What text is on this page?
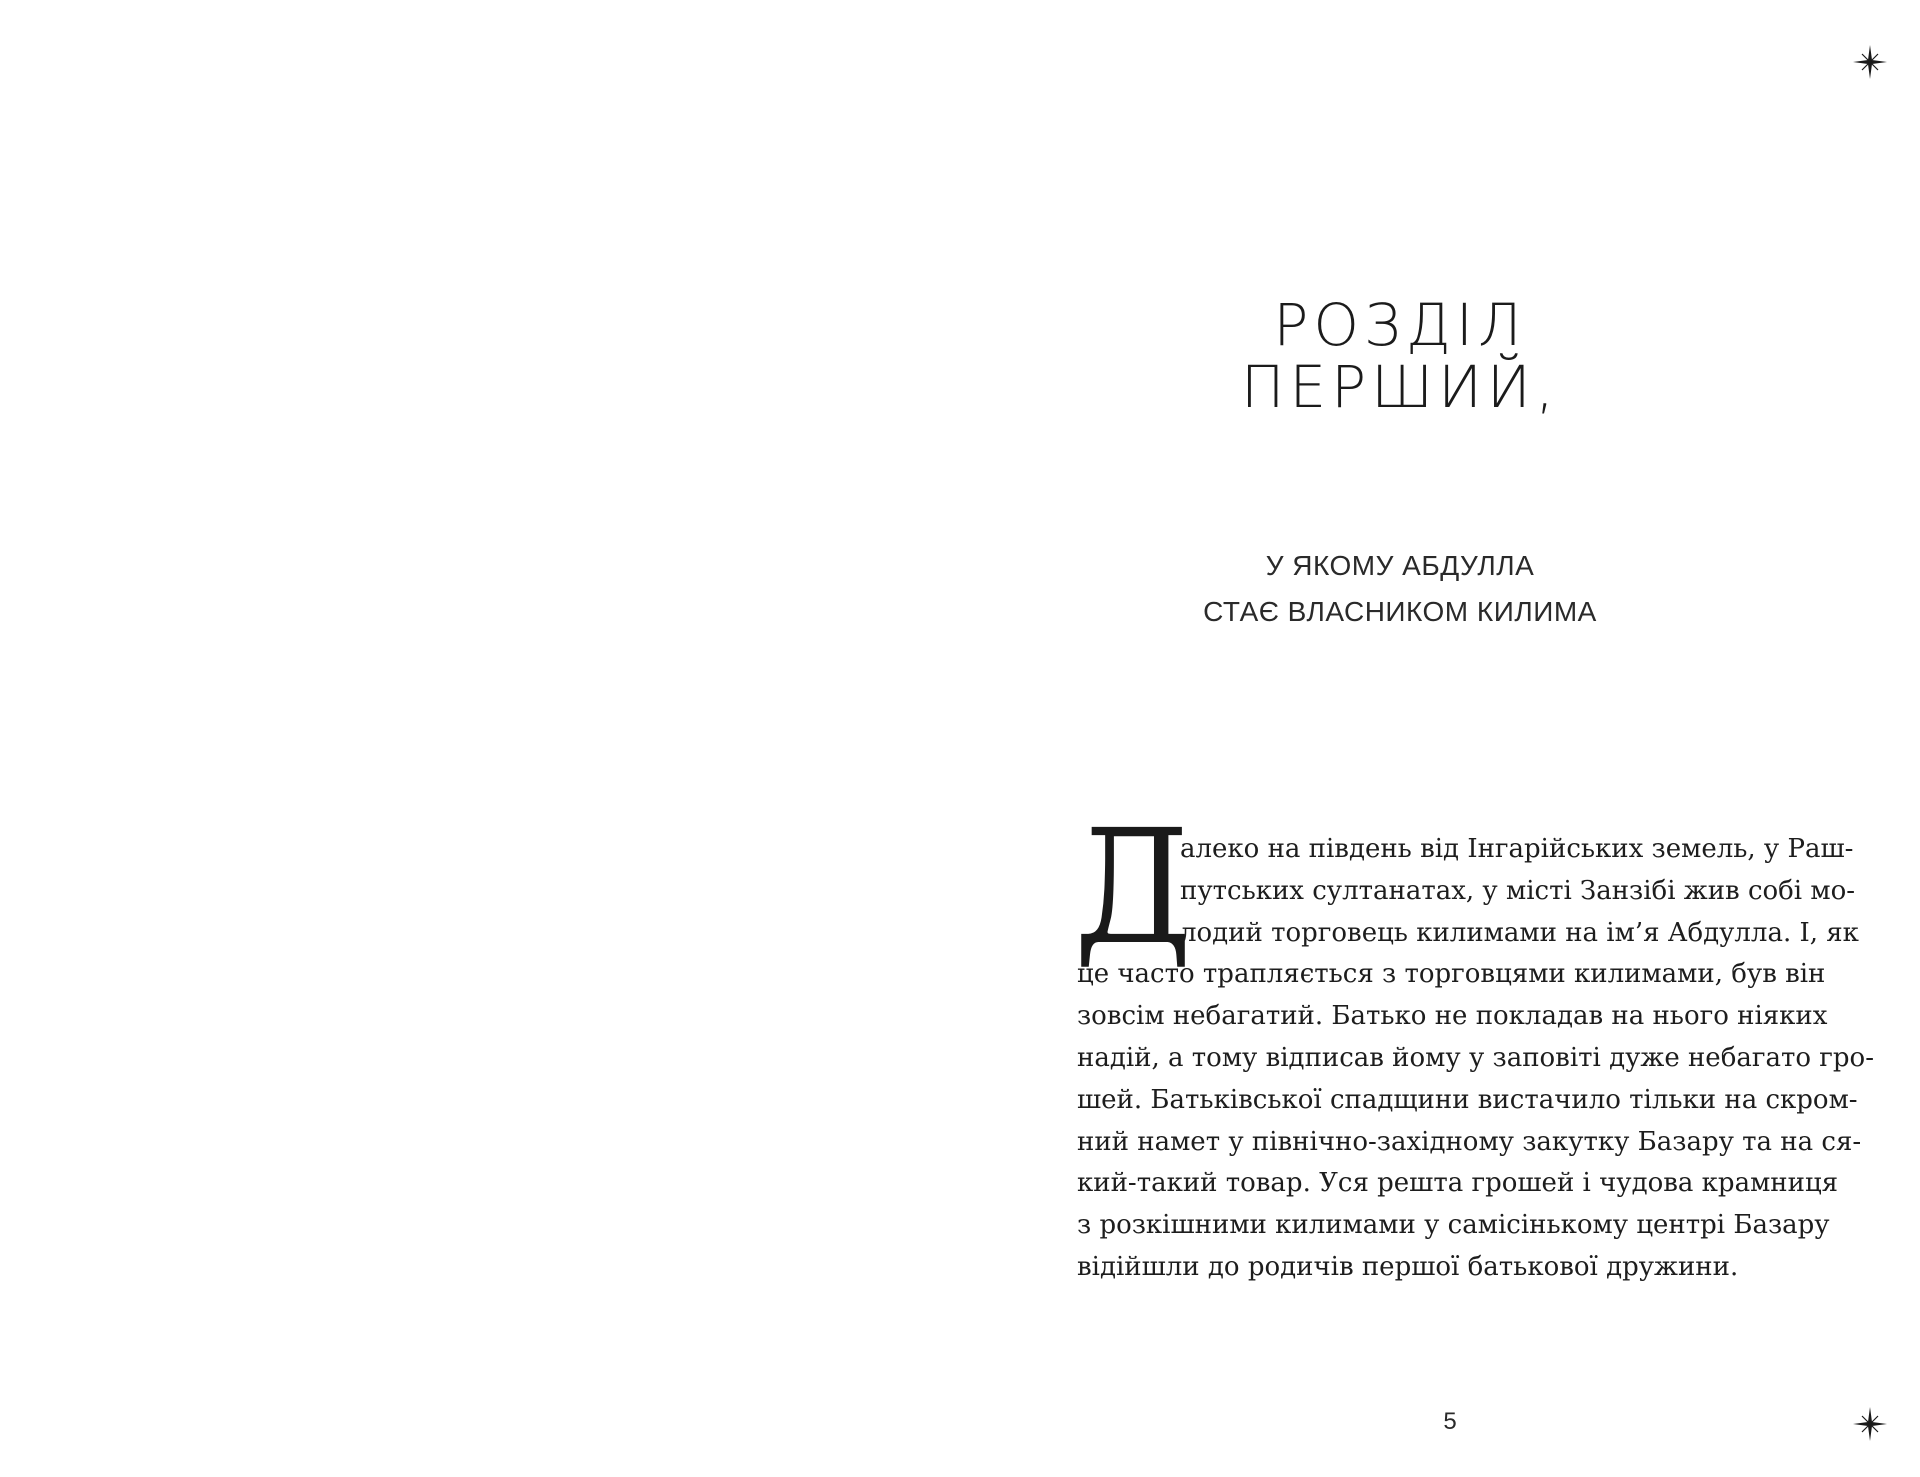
РОЗДІЛ
ПЕРШИЙ,
У ЯКОМУ АБДУЛЛА
СТАЄ ВЛАСНИКОМ КИЛИМА
Д
алеко на південь від Інгарійських земель, у Раш-
путських султанатах, у місті Занзібі жив собі мо-
лодий торговець килимами на ім’я Абдулла. І, як
це часто трапляється з торговцями килимами, був він
зовсім небагатий. Батько не покладав на нього ніяких
надій, а тому відписав йому у заповіті дуже небагато гро-
шей. Батьківської спадщини вистачило тільки на скром-
ний намет у північно-західному закутку Базару та на ся-
кий-такий товар. Уся решта грошей і чудова крамниця
з розкішними килимами у самісінькому центрі Базару
відійшли до родичів першої батькової дружини.
5
